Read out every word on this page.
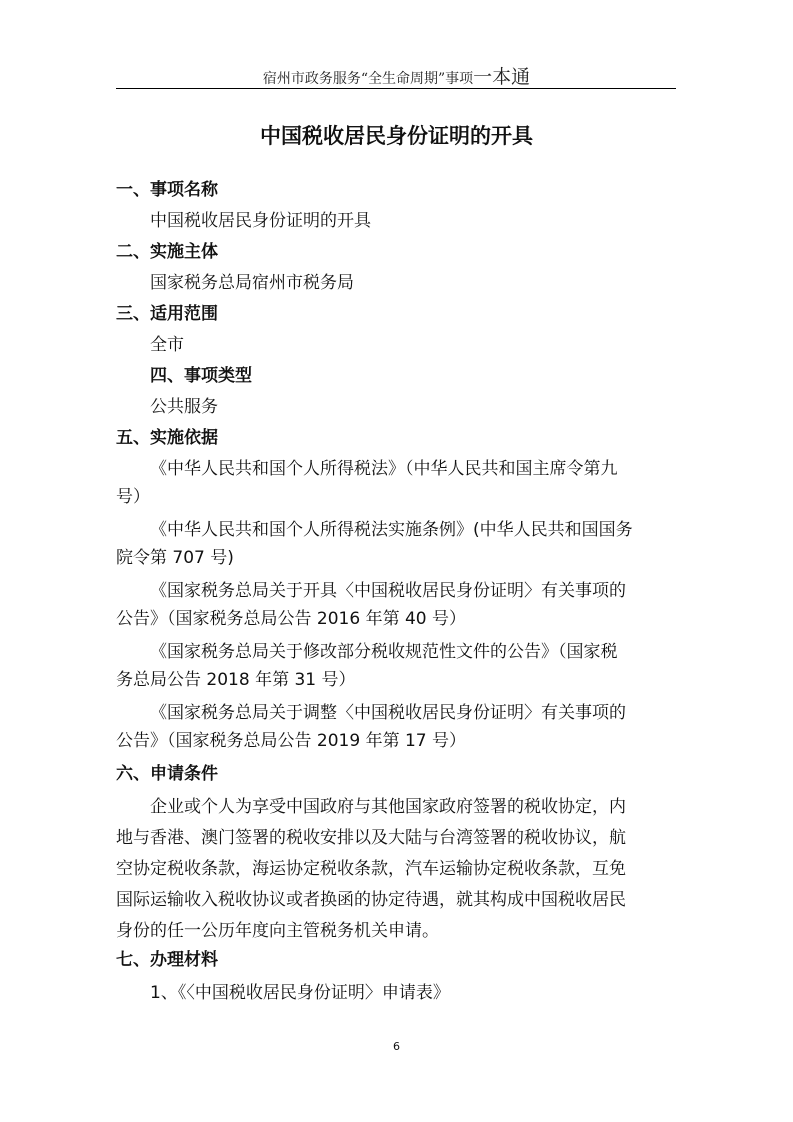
宿州市政务服务“全生命周期”事项一本通
中国税收居民身份证明的开具
一、事项名称
中国税收居民身份证明的开具
二、实施主体
国家税务总局宿州市税务局
三、适用范围
全市
四、事项类型
公共服务
五、实施依据
《中华人民共和国个人所得税法》（中华人民共和国主席令第九
号）
《中华人民共和国个人所得税法实施条例》(中华人民共和国国务
院令第 707 号)
《国家税务总局关于开具〈中国税收居民身份证明〉有关事项的
公告》（国家税务总局公告 2016 年第 40 号）
《国家税务总局关于修改部分税收规范性文件的公告》（国家税
务总局公告 2018 年第 31 号）
《国家税务总局关于调整〈中国税收居民身份证明〉有关事项的
公告》（国家税务总局公告 2019 年第 17 号）
六、申请条件
企业或个人为享受中国政府与其他国家政府签署的税收协定，内
地与香港、澳门签署的税收安排以及大陆与台湾签署的税收协议，航
空协定税收条款，海运协定税收条款，汽车运输协定税收条款，互免
国际运输收入税收协议或者换函的协定待遇，就其构成中国税收居民
身份的任一公历年度向主管税务机关申请。
七、办理材料
1、《〈中国税收居民身份证明〉申请表》
6
